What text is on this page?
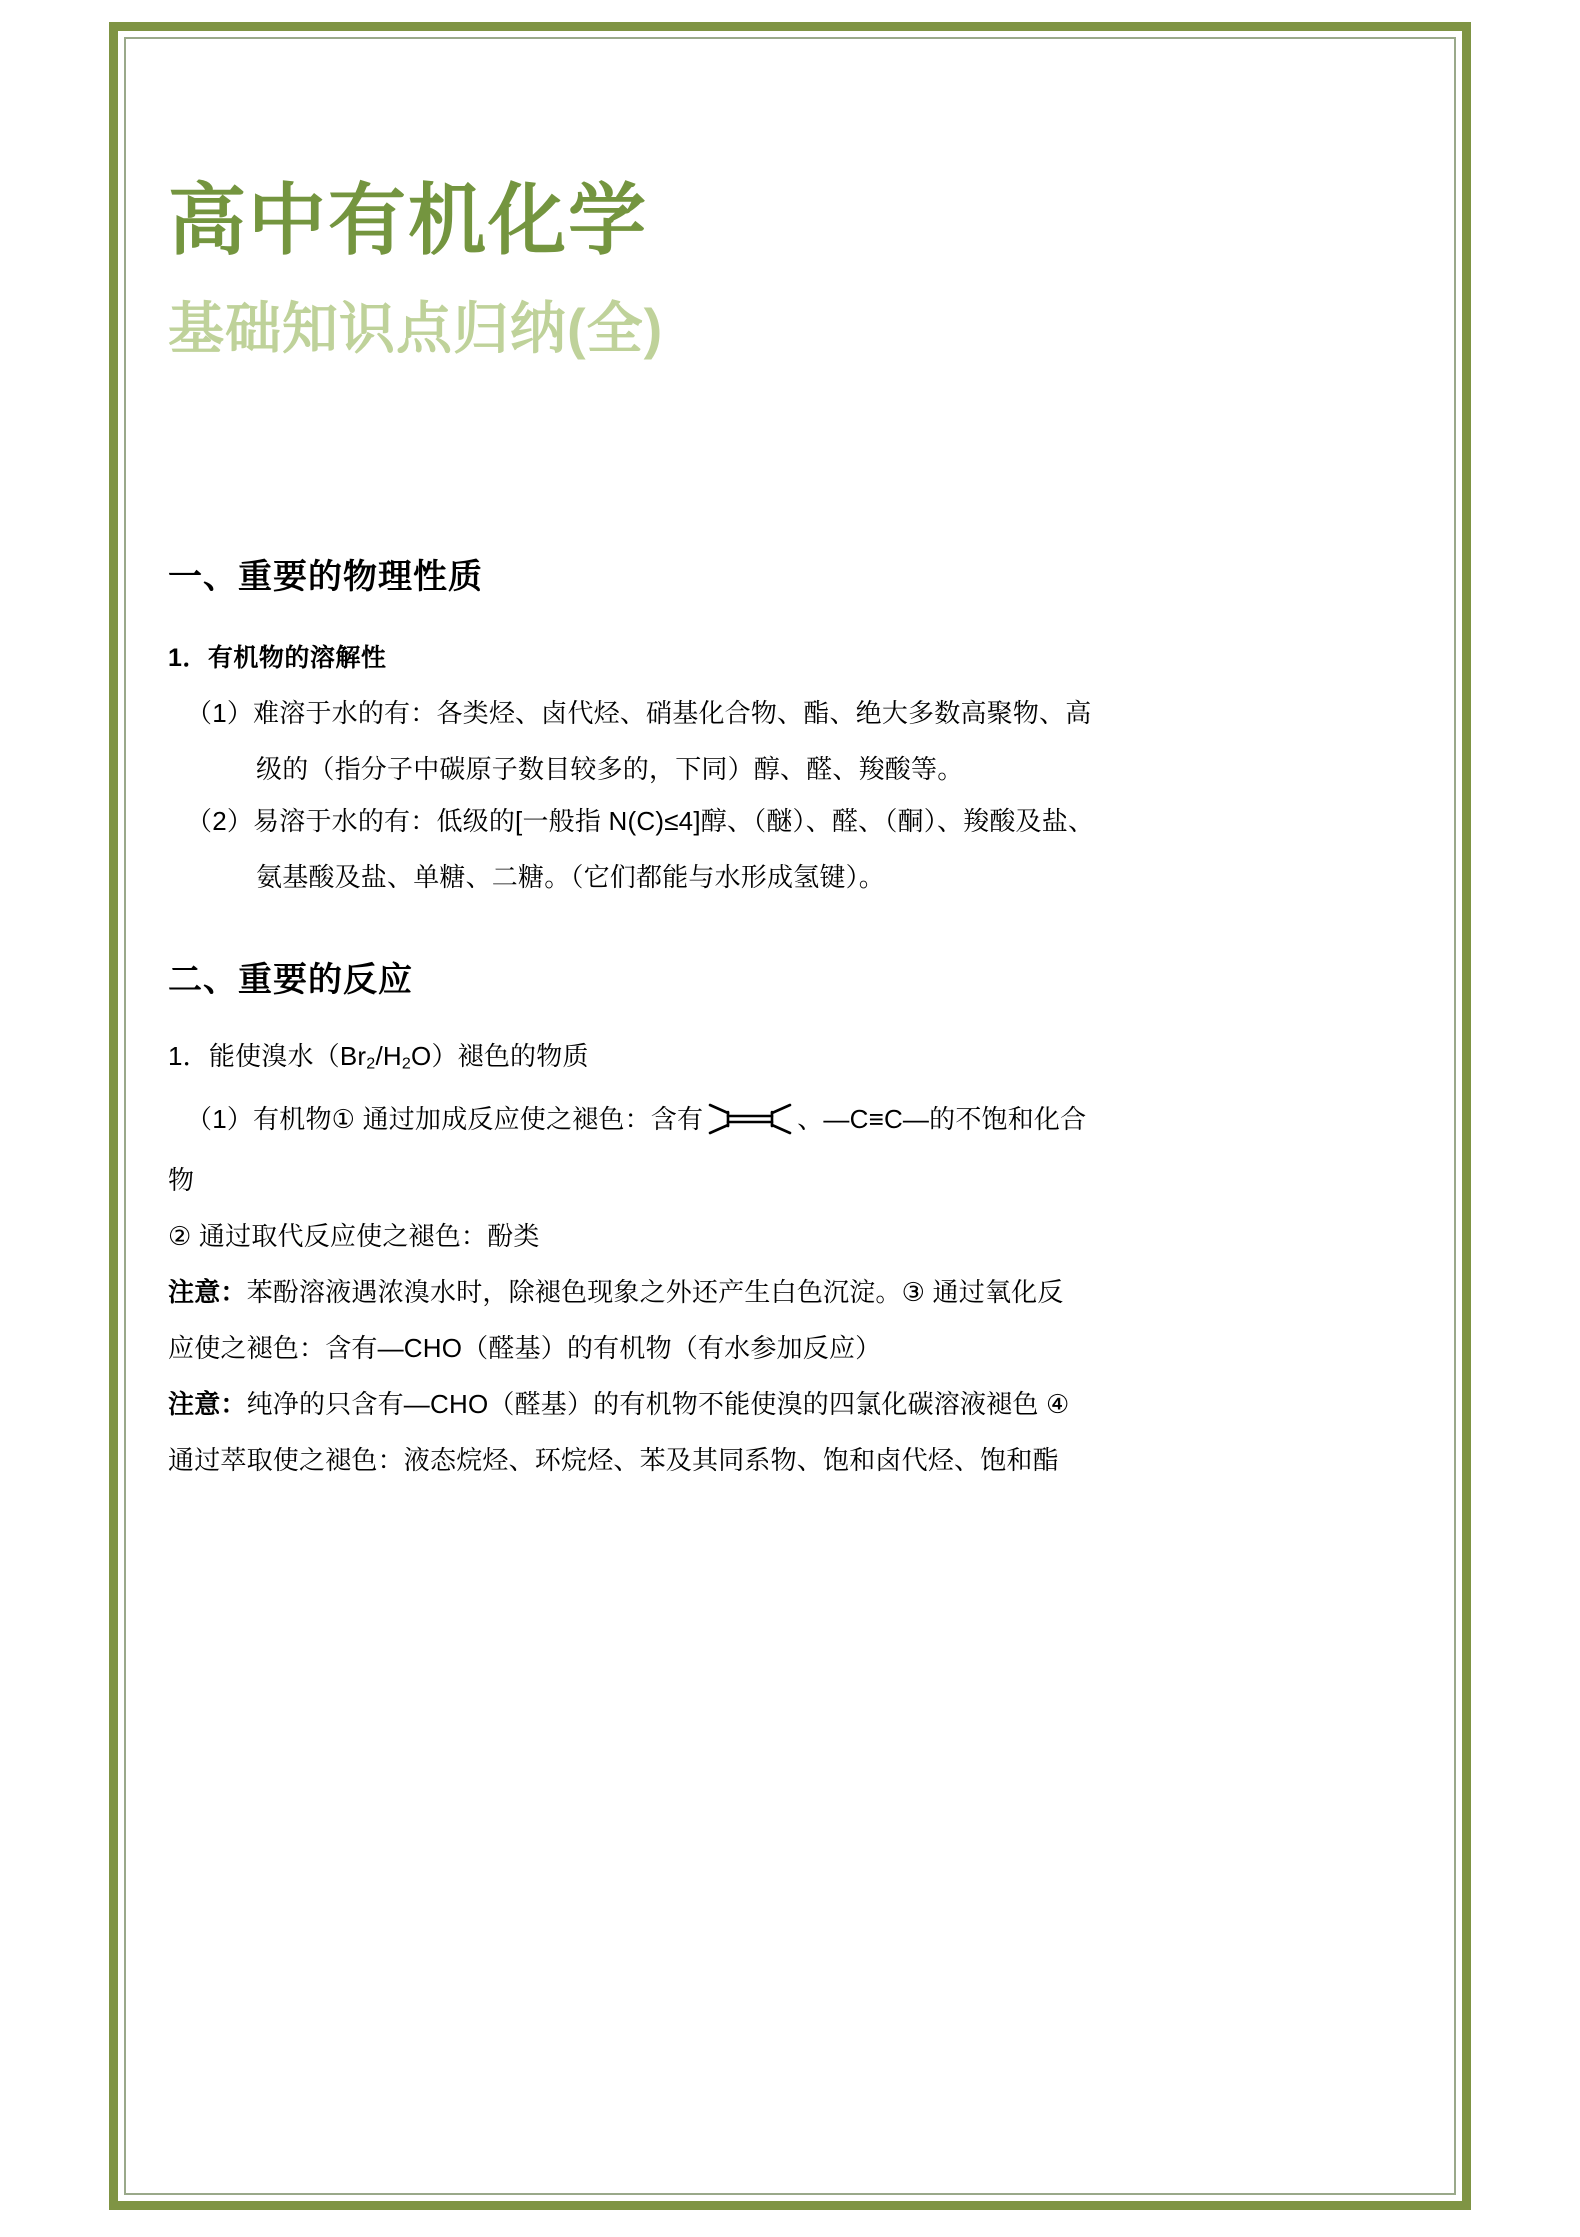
高中有机化学
基础知识点归纳(全)
一、重要的物理性质
1．有机物的溶解性
（1）难溶于水的有：各类烃、卤代烃、硝基化合物、酯、绝大多数高聚物、高
级的（指分子中碳原子数目较多的，下同）醇、醛、羧酸等。
（2）易溶于水的有：低级的[一般指 N(C)≤4]醇、（醚）、醛、（酮）、羧酸及盐、
氨基酸及盐、单糖、二糖。（它们都能与水形成氢键）。
二、重要的反应
1．能使溴水$(Br_2/H_2O)$褪色的物质
（1）有机物① 通过加成反应使之褪色：含有	、—C≡C—的不饱和化合
物
② 通过取代反应使之褪色：酚类
注意：苯酚溶液遇浓溴水时，除褪色现象之外还产生白色沉淀。③ 通过氧化反
应使之褪色：含有—CHO（醛基）的有机物（有水参加反应）
注意：纯净的只含有—CHO（醛基）的有机物不能使溴的四氯化碳溶液褪色 ④
通过萃取使之褪色：液态烷烃、环烷烃、苯及其同系物、饱和卤代烃、饱和酯
